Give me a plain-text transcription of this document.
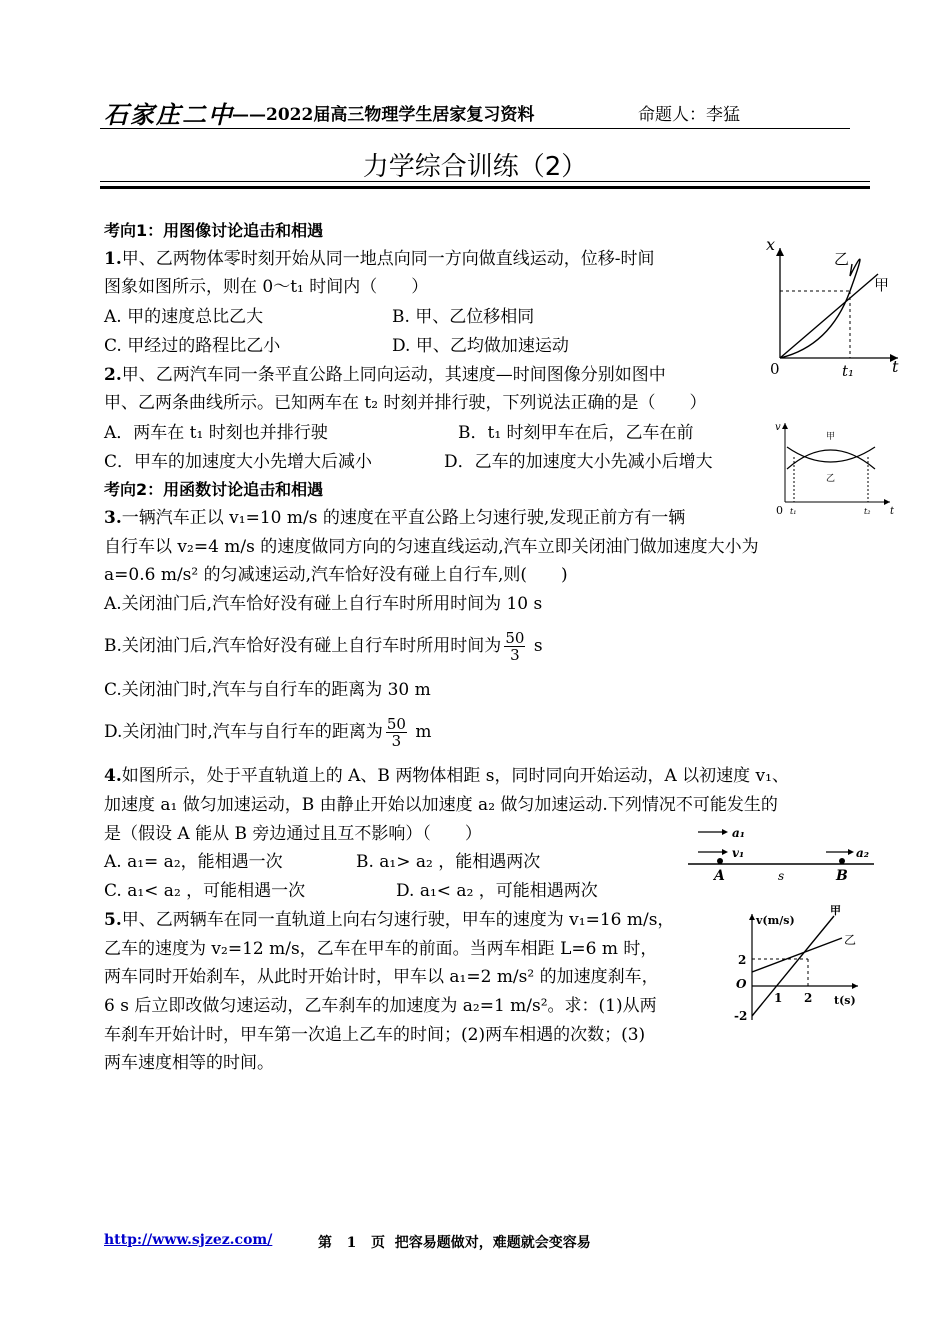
石家庄二中
——2022届高三物理学生居家复习资料	命题人：李猛
力学综合训练（2）
考向1：用图像讨论追击和相遇
1.甲、乙两物体零时刻开始从同一地点向同一方向做直线运动，位移-时间
图象如图所示，则在 0～t₁ 时间内（　　）
A. 甲的速度总比乙大	B. 甲、乙位移相同
C. 甲经过的路程比乙小	D. 甲、乙均做加速运动
x
t
0	t₁
乙
甲
2.甲、乙两汽车同一条平直公路上同向运动，其速度—时间图像分别如图中
甲、乙两条曲线所示。已知两车在 t₂ 时刻并排行驶，下列说法正确的是（　　）
A．两车在 t₁ 时刻也并排行驶	B．t₁ 时刻甲车在后，乙车在前
C．甲车的加速度大小先增大后减小	D．乙车的加速度大小先减小后增大
v
t
0 t₁	t₂
甲
乙
考向2：用函数讨论追击和相遇
3.一辆汽车正以 v₁=10 m/s 的速度在平直公路上匀速行驶,发现正前方有一辆
自行车以 v₂=4 m/s 的速度做同方向的匀速直线运动,汽车立即关闭油门做加速度大小为
a=0.6 m/s² 的匀减速运动,汽车恰好没有碰上自行车,则(　　)
A.关闭油门后,汽车恰好没有碰上自行车时所用时间为 10 s
B.关闭油门后,汽车恰好没有碰上自行车时所用时间为 $\frac{50}{3}$ s
C.关闭油门时,汽车与自行车的距离为 30 m
D.关闭油门时,汽车与自行车的距离为 $\frac{50}{3}$ m
4.如图所示，处于平直轨道上的 A、B 两物体相距 s，同时同向开始运动，A 以初速度 v₁、
加速度 a₁ 做匀加速运动，B 由静止开始以加速度 a₂ 做匀加速运动.下列情况不可能发生的
是（假设 A 能从 B 旁边通过且互不影响）（　　）
A. a₁= a₂，能相遇一次	B. a₁> a₂ ，能相遇两次
C. a₁< a₂ ，可能相遇一次	D. a₁< a₂ ，可能相遇两次
a₁
v₁	a₂
A	s	B
5.甲、乙两辆车在同一直轨道上向右匀速行驶，甲车的速度为 v₁=16 m/s，
乙车的速度为 v₂=12 m/s，乙车在甲车的前面。当两车相距 L=6 m 时，
两车同时开始刹车，从此时开始计时，甲车以 a₁=2 m/s² 的加速度刹车，
6 s 后立即改做匀速运动，乙车刹车的加速度为 a₂=1 m/s²。求：(1)从两
车刹车开始计时，甲车第一次追上乙车的时间；(2)两车相遇的次数；(3)
两车速度相等的时间。
v(m/s)
t(s)
O
2
-2
1 2
甲
乙
http://www.sjzez.com/	第 1 页 把容易题做对，难题就会变容易
